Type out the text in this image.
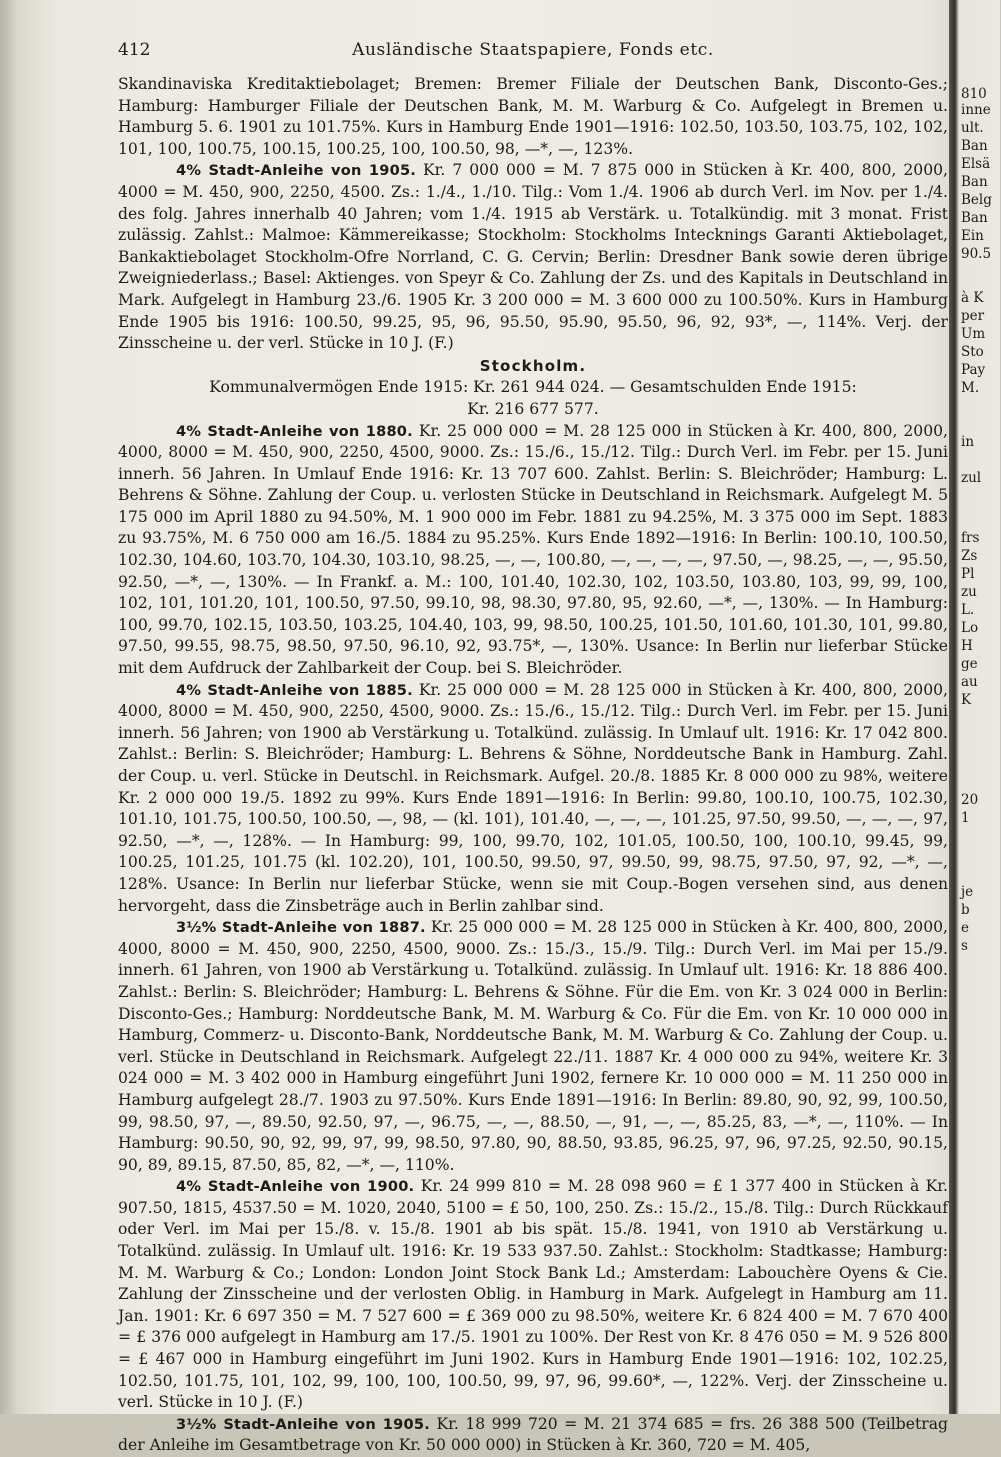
412	Ausländische Staatspapiere, Fonds etc.

Skandinaviska Kreditaktiebolaget; Bremen: Bremer Filiale der Deutschen Bank, Disconto-Ges.; Hamburg: Hamburger Filiale der Deutschen Bank, M. M. Warburg & Co. Aufgelegt in Bremen u. Hamburg 5. 6. 1901 zu 101.75%. Kurs in Hamburg Ende 1901—1916: 102.50, 103.50, 103.75, 102, 102, 101, 100, 100.75, 100.15, 100.25, 100, 100.50, 98, —*, —, 123%.

4% Stadt-Anleihe von 1905. Kr. 7 000 000 = M. 7 875 000 in Stücken à Kr. 400, 800, 2000, 4000 = M. 450, 900, 2250, 4500. Zs.: 1./4., 1./10. Tilg.: Vom 1./4. 1906 ab durch Verl. im Nov. per 1./4. des folg. Jahres innerhalb 40 Jahren; vom 1./4. 1915 ab Verstärk. u. Totalkündig. mit 3 monat. Frist zulässig. Zahlst.: Malmoe: Kämmereikasse; Stockholm: Stockholms Intecknings Garanti Aktiebolaget, Bankaktiebolaget Stockholm-Ofre Norrland, C. G. Cervin; Berlin: Dresdner Bank sowie deren übrige Zweigniederlass.; Basel: Aktienges. von Speyr & Co. Zahlung der Zs. und des Kapitals in Deutschland in Mark. Aufgelegt in Hamburg 23./6. 1905 Kr. 3 200 000 = M. 3 600 000 zu 100.50%. Kurs in Hamburg Ende 1905 bis 1916: 100.50, 99.25, 95, 96, 95.50, 95.90, 95.50, 96, 92, 93*, —, 114%. Verj. der Zinsscheine u. der verl. Stücke in 10 J. (F.)

Stockholm.

Kommunalvermögen Ende 1915: Kr. 261 944 024. — Gesamtschulden Ende 1915:

Kr. 216 677 577.

4% Stadt-Anleihe von 1880. Kr. 25 000 000 = M. 28 125 000 in Stücken à Kr. 400, 800, 2000, 4000, 8000 = M. 450, 900, 2250, 4500, 9000. Zs.: 15./6., 15./12. Tilg.: Durch Verl. im Febr. per 15. Juni innerh. 56 Jahren. In Umlauf Ende 1916: Kr. 13 707 600. Zahlst. Berlin: S. Bleichröder; Hamburg: L. Behrens & Söhne. Zahlung der Coup. u. verlosten Stücke in Deutschland in Reichsmark. Aufgelegt M. 5 175 000 im April 1880 zu 94.50%, M. 1 900 000 im Febr. 1881 zu 94.25%, M. 3 375 000 im Sept. 1883 zu 93.75%, M. 6 750 000 am 16./5. 1884 zu 95.25%. Kurs Ende 1892—1916: In Berlin: 100.10, 100.50, 102.30, 104.60, 103.70, 104.30, 103.10, 98.25, —, —, 100.80, —, —, —, —, 97.50, —, 98.25, —, —, 95.50, 92.50, —*, —, 130%. — In Frankf. a. M.: 100, 101.40, 102.30, 102, 103.50, 103.80, 103, 99, 99, 100, 102, 101, 101.20, 101, 100.50, 97.50, 99.10, 98, 98.30, 97.80, 95, 92.60, —*, —, 130%. — In Hamburg: 100, 99.70, 102.15, 103.50, 103.25, 104.40, 103, 99, 98.50, 100.25, 101.50, 101.60, 101.30, 101, 99.80, 97.50, 99.55, 98.75, 98.50, 97.50, 96.10, 92, 93.75*, —, 130%. Usance: In Berlin nur lieferbar Stücke mit dem Aufdruck der Zahlbarkeit der Coup. bei S. Bleichröder.

4% Stadt-Anleihe von 1885. Kr. 25 000 000 = M. 28 125 000 in Stücken à Kr. 400, 800, 2000, 4000, 8000 = M. 450, 900, 2250, 4500, 9000. Zs.: 15./6., 15./12. Tilg.: Durch Verl. im Febr. per 15. Juni innerh. 56 Jahren; von 1900 ab Verstärkung u. Totalkünd. zulässig. In Umlauf ult. 1916: Kr. 17 042 800. Zahlst.: Berlin: S. Bleichröder; Hamburg: L. Behrens & Söhne, Norddeutsche Bank in Hamburg. Zahl. der Coup. u. verl. Stücke in Deutschl. in Reichsmark. Aufgel. 20./8. 1885 Kr. 8 000 000 zu 98%, weitere Kr. 2 000 000 19./5. 1892 zu 99%. Kurs Ende 1891—1916: In Berlin: 99.80, 100.10, 100.75, 102.30, 101.10, 101.75, 100.50, 100.50, —, 98, — (kl. 101), 101.40, —, —, —, 101.25, 97.50, 99.50, —, —, —, 97, 92.50, —*, —, 128%. — In Hamburg: 99, 100, 99.70, 102, 101.05, 100.50, 100, 100.10, 99.45, 99, 100.25, 101.25, 101.75 (kl. 102.20), 101, 100.50, 99.50, 97, 99.50, 99, 98.75, 97.50, 97, 92, —*, —, 128%. Usance: In Berlin nur lieferbar Stücke, wenn sie mit Coup.-Bogen versehen sind, aus denen hervorgeht, dass die Zinsbeträge auch in Berlin zahlbar sind.

3½% Stadt-Anleihe von 1887. Kr. 25 000 000 = M. 28 125 000 in Stücken à Kr. 400, 800, 2000, 4000, 8000 = M. 450, 900, 2250, 4500, 9000. Zs.: 15./3., 15./9. Tilg.: Durch Verl. im Mai per 15./9. innerh. 61 Jahren, von 1900 ab Verstärkung u. Totalkünd. zulässig. In Umlauf ult. 1916: Kr. 18 886 400. Zahlst.: Berlin: S. Bleichröder; Hamburg: L. Behrens & Söhne. Für die Em. von Kr. 3 024 000 in Berlin: Disconto-Ges.; Hamburg: Norddeutsche Bank, M. M. Warburg & Co. Für die Em. von Kr. 10 000 000 in Hamburg, Commerz- u. Disconto-Bank, Norddeutsche Bank, M. M. Warburg & Co. Zahlung der Coup. u. verl. Stücke in Deutschland in Reichsmark. Aufgelegt 22./11. 1887 Kr. 4 000 000 zu 94%, weitere Kr. 3 024 000 = M. 3 402 000 in Hamburg eingeführt Juni 1902, fernere Kr. 10 000 000 = M. 11 250 000 in Hamburg aufgelegt 28./7. 1903 zu 97.50%. Kurs Ende 1891—1916: In Berlin: 89.80, 90, 92, 99, 100.50, 99, 98.50, 97, —, 89.50, 92.50, 97, —, 96.75, —, —, 88.50, —, 91, —, —, 85.25, 83, —*, —, 110%. — In Hamburg: 90.50, 90, 92, 99, 97, 99, 98.50, 97.80, 90, 88.50, 93.85, 96.25, 97, 96, 97.25, 92.50, 90.15, 90, 89, 89.15, 87.50, 85, 82, —*, —, 110%.

4% Stadt-Anleihe von 1900. Kr. 24 999 810 = M. 28 098 960 = £ 1 377 400 in Stücken à Kr. 907.50, 1815, 4537.50 = M. 1020, 2040, 5100 = £ 50, 100, 250. Zs.: 15./2., 15./8. Tilg.: Durch Rückkauf oder Verl. im Mai per 15./8. v. 15./8. 1901 ab bis spät. 15./8. 1941, von 1910 ab Verstärkung u. Totalkünd. zulässig. In Umlauf ult. 1916: Kr. 19 533 937.50. Zahlst.: Stockholm: Stadtkasse; Hamburg: M. M. Warburg & Co.; London: London Joint Stock Bank Ld.; Amsterdam: Labouchère Oyens & Cie. Zahlung der Zinsscheine und der verlosten Oblig. in Hamburg in Mark. Aufgelegt in Hamburg am 11. Jan. 1901: Kr. 6 697 350 = M. 7 527 600 = £ 369 000 zu 98.50%, weitere Kr. 6 824 400 = M. 7 670 400 = £ 376 000 aufgelegt in Hamburg am 17./5. 1901 zu 100%. Der Rest von Kr. 8 476 050 = M. 9 526 800 = £ 467 000 in Hamburg eingeführt im Juni 1902. Kurs in Hamburg Ende 1901—1916: 102, 102.25, 102.50, 101.75, 101, 102, 99, 100, 100, 100.50, 99, 97, 96, 99.60*, —, 122%. Verj. der Zinsscheine u. verl. Stücke in 10 J. (F.)

3½% Stadt-Anleihe von 1905. Kr. 18 999 720 = M. 21 374 685 = frs. 26 388 500 (Teilbetrag der Anleihe im Gesamtbetrage von Kr. 50 000 000) in Stücken à Kr. 360, 720 = M. 405,

810
inne
ult.
Ban
Elsä
Ban
Belg
Ban
Ein
90.5
à K
per
Um
Sto
Pay
M.
in
zul
frs
Zs
Pl
zu
L.
Lo
H
ge
au
K
20
1
je
b
e
s
